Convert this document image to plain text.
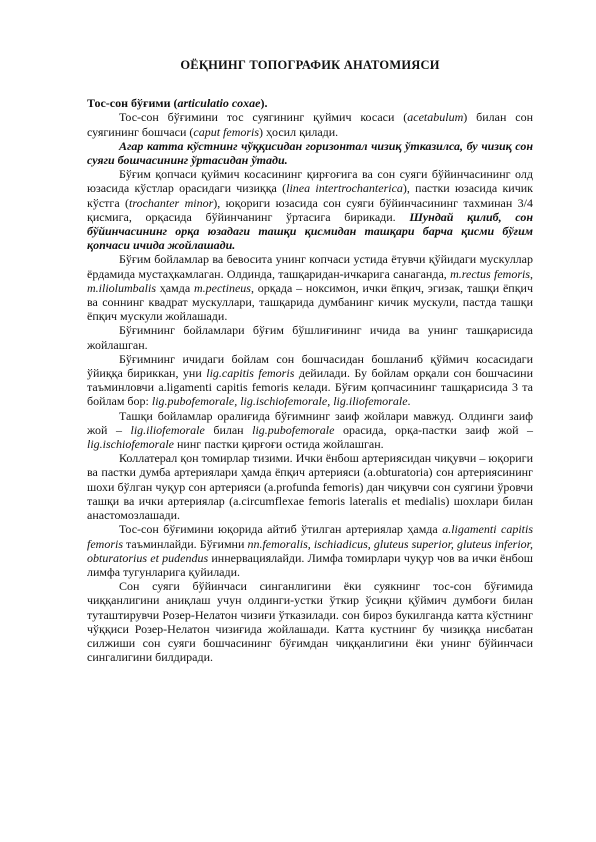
ОЁҚНИНГ ТОПОГРАФИК АНАТОМИЯСИ

Тос-сон бўғими (articulatio coxae).

Тос-сон бўғимини тос суягининг қуймич косаси (acetabulum) билан сон суягининг бошчаси (caput femoris) ҳосил қилади.

Агар катта кўстнинг чўққисидан горизонтал чизиқ ўтказилса, бу чизиқ сон суяги бошчасининг ўртасидан ўтади.

Бўғим қопчаси қуймич косасининг қирғоғига ва сон суяги бўйинчасининг олд юзасида кўстлар орасидаги чизиққа (linea intertrochanterica), пастки юзасида кичик кўстга (trochanter minor), юқориги юзасида сон суяги бўйинчасининг тахминан 3/4 қисмига, орқасида бўйинчанинг ўртасига бирикади. Шундай қилиб, сон бўйинчасининг орқа юзадаги ташқи қисмидан ташқари барча қисми бўғим қопчаси ичида жойлашади.

Бўғим бойламлар ва бевосита унинг копчаси устида ётувчи қўйидаги мускуллар ёрдамида мустаҳкамлаган. Олдинда, ташқаридан-ичкарига санаганда, m.rectus femoris, m.iliolumbalis ҳамда m.pectineus, орқада – ноксимон, ички ёпқич, эгизак, ташқи ёпқич ва соннинг квадрат мускуллари, ташқарида думбанинг кичик мускули, пастда ташқи ёпқич мускули жойлашади.

Бўғимнинг бойламлари бўғим бўшлиғининг ичида ва унинг ташқарисида жойлашган.

Бўғимнинг ичидаги бойлам сон бошчасидан бошланиб қўймич косасидаги ўйиққа бириккан, уни lig.capitis femoris дейилади. Бу бойлам орқали сон бошчасини таъминловчи a.ligamenti capitis femoris келади. Бўғим қопчасининг ташқарисида 3 та бойлам бор: lig.pubofemorale, lig.ischiofemorale, lig.iliofemorale.

Ташқи бойламлар оралиғида бўғимнинг заиф жойлари мавжуд. Олдинги заиф жой – lig.iliofemorale билан lig.pubofemorale орасида, орқа-пастки заиф жой – lig.ischiofemorale нинг пастки қирғоғи остида жойлашган.

Коллатерал қон томирлар тизими. Ички ёнбош артериясидан чиқувчи – юқориги ва пастки думба артериялари ҳамда ёпқич артерияси (a.obturatoria) сон артериясининг шохи бўлган чуқур сон артерияси (a.profunda femoris) дан чиқувчи сон суягини ўровчи ташқи ва ички артериялар (a.circumflexae femoris lateralis et medialis) шохлари билан анастомозлашади.

Тос-сон бўғимини юқорида айтиб ўтилган артериялар ҳамда a.ligamenti capitis femoris таъминлайди. Бўғимни nn.femoralis, ischiadicus, gluteus superior, gluteus inferior, obturatorius et pudendus иннервациялайди. Лимфа томирлари чуқур чов ва ички ёнбош лимфа тугунларига қуйилади.

Сон суяги бўйинчаси синганлигини ёки суякнинг тос-сон бўғимида чиққанлигини аниқлаш учун олдинги-устки ўткир ўсиқни қўймич думбоғи билан туташтирувчи Розер-Нелатон чизиғи ўтказилади. сон бироз букилганда катта кўстнинг чўққиси Розер-Нелатон чизиғида жойлашади. Катта кустнинг бу чизиққа нисбатан силжиши сон суяги бошчасининг бўғимдан чиққанлигини ёки унинг бўйинчаси сингалигини билдиради.
